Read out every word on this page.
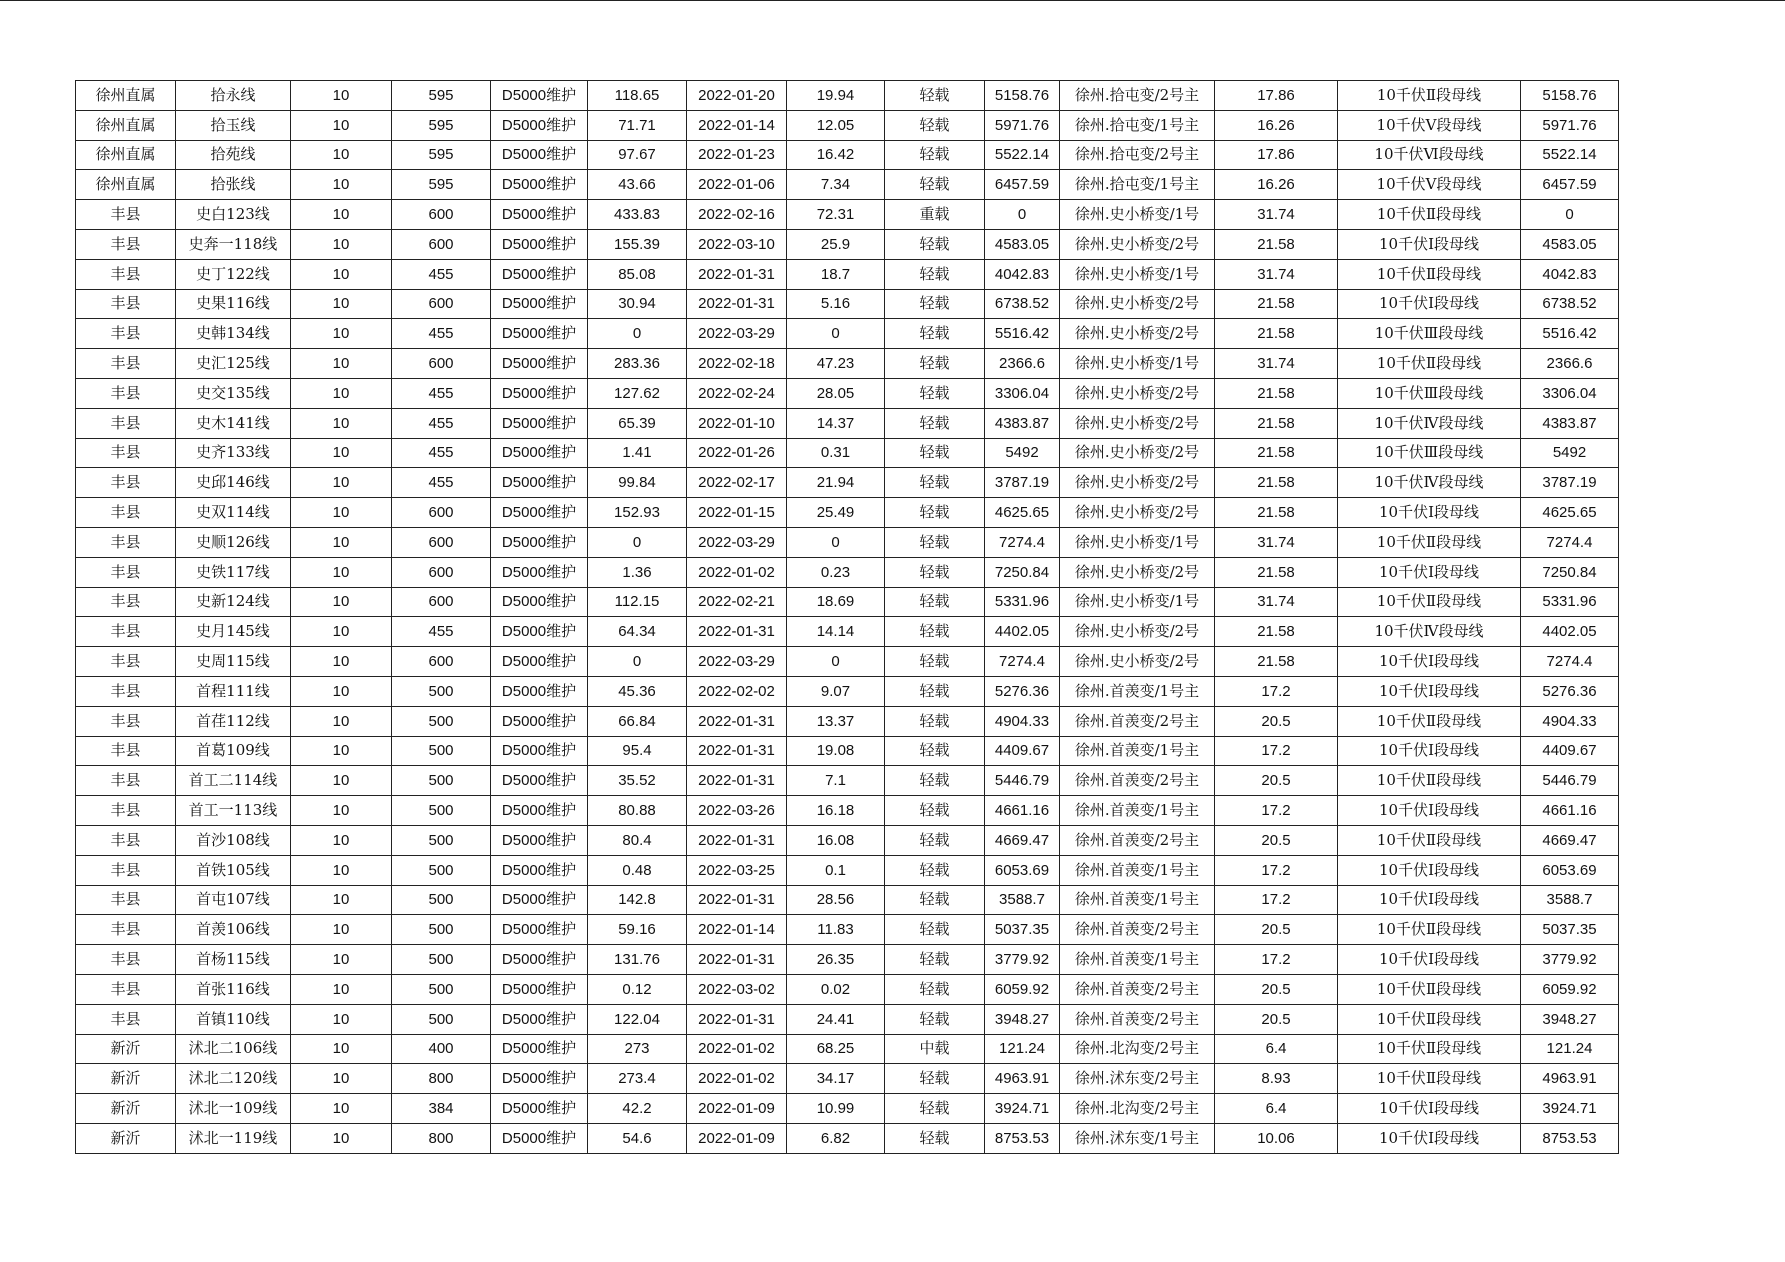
徐州直属	拾永线	10	595	D5000维护	118.65	2022-01-20	19.94	轻载	5158.76	徐州.拾屯变/2号主	17.86	10千伏Ⅱ段母线	5158.76
徐州直属	拾玉线	10	595	D5000维护	71.71	2022-01-14	12.05	轻载	5971.76	徐州.拾屯变/1号主	16.26	10千伏Ⅴ段母线	5971.76
徐州直属	拾苑线	10	595	D5000维护	97.67	2022-01-23	16.42	轻载	5522.14	徐州.拾屯变/2号主	17.86	10千伏Ⅵ段母线	5522.14
徐州直属	拾张线	10	595	D5000维护	43.66	2022-01-06	7.34	轻载	6457.59	徐州.拾屯变/1号主	16.26	10千伏Ⅴ段母线	6457.59
丰县	史白123线	10	600	D5000维护	433.83	2022-02-16	72.31	重载	0	徐州.史小桥变/1号	31.74	10千伏Ⅱ段母线	0
丰县	史奔一118线	10	600	D5000维护	155.39	2022-03-10	25.9	轻载	4583.05	徐州.史小桥变/2号	21.58	10千伏Ⅰ段母线	4583.05
丰县	史丁122线	10	455	D5000维护	85.08	2022-01-31	18.7	轻载	4042.83	徐州.史小桥变/1号	31.74	10千伏Ⅱ段母线	4042.83
丰县	史果116线	10	600	D5000维护	30.94	2022-01-31	5.16	轻载	6738.52	徐州.史小桥变/2号	21.58	10千伏Ⅰ段母线	6738.52
丰县	史韩134线	10	455	D5000维护	0	2022-03-29	0	轻载	5516.42	徐州.史小桥变/2号	21.58	10千伏Ⅲ段母线	5516.42
丰县	史汇125线	10	600	D5000维护	283.36	2022-02-18	47.23	轻载	2366.6	徐州.史小桥变/1号	31.74	10千伏Ⅱ段母线	2366.6
丰县	史交135线	10	455	D5000维护	127.62	2022-02-24	28.05	轻载	3306.04	徐州.史小桥变/2号	21.58	10千伏Ⅲ段母线	3306.04
丰县	史木141线	10	455	D5000维护	65.39	2022-01-10	14.37	轻载	4383.87	徐州.史小桥变/2号	21.58	10千伏Ⅳ段母线	4383.87
丰县	史齐133线	10	455	D5000维护	1.41	2022-01-26	0.31	轻载	5492	徐州.史小桥变/2号	21.58	10千伏Ⅲ段母线	5492
丰县	史邱146线	10	455	D5000维护	99.84	2022-02-17	21.94	轻载	3787.19	徐州.史小桥变/2号	21.58	10千伏Ⅳ段母线	3787.19
丰县	史双114线	10	600	D5000维护	152.93	2022-01-15	25.49	轻载	4625.65	徐州.史小桥变/2号	21.58	10千伏Ⅰ段母线	4625.65
丰县	史顺126线	10	600	D5000维护	0	2022-03-29	0	轻载	7274.4	徐州.史小桥变/1号	31.74	10千伏Ⅱ段母线	7274.4
丰县	史铁117线	10	600	D5000维护	1.36	2022-01-02	0.23	轻载	7250.84	徐州.史小桥变/2号	21.58	10千伏Ⅰ段母线	7250.84
丰县	史新124线	10	600	D5000维护	112.15	2022-02-21	18.69	轻载	5331.96	徐州.史小桥变/1号	31.74	10千伏Ⅱ段母线	5331.96
丰县	史月145线	10	455	D5000维护	64.34	2022-01-31	14.14	轻载	4402.05	徐州.史小桥变/2号	21.58	10千伏Ⅳ段母线	4402.05
丰县	史周115线	10	600	D5000维护	0	2022-03-29	0	轻载	7274.4	徐州.史小桥变/2号	21.58	10千伏Ⅰ段母线	7274.4
丰县	首程111线	10	500	D5000维护	45.36	2022-02-02	9.07	轻载	5276.36	徐州.首羡变/1号主	17.2	10千伏Ⅰ段母线	5276.36
丰县	首荏112线	10	500	D5000维护	66.84	2022-01-31	13.37	轻载	4904.33	徐州.首羡变/2号主	20.5	10千伏Ⅱ段母线	4904.33
丰县	首葛109线	10	500	D5000维护	95.4	2022-01-31	19.08	轻载	4409.67	徐州.首羡变/1号主	17.2	10千伏Ⅰ段母线	4409.67
丰县	首工二114线	10	500	D5000维护	35.52	2022-01-31	7.1	轻载	5446.79	徐州.首羡变/2号主	20.5	10千伏Ⅱ段母线	5446.79
丰县	首工一113线	10	500	D5000维护	80.88	2022-03-26	16.18	轻载	4661.16	徐州.首羡变/1号主	17.2	10千伏Ⅰ段母线	4661.16
丰县	首沙108线	10	500	D5000维护	80.4	2022-01-31	16.08	轻载	4669.47	徐州.首羡变/2号主	20.5	10千伏Ⅱ段母线	4669.47
丰县	首铁105线	10	500	D5000维护	0.48	2022-03-25	0.1	轻载	6053.69	徐州.首羡变/1号主	17.2	10千伏Ⅰ段母线	6053.69
丰县	首屯107线	10	500	D5000维护	142.8	2022-01-31	28.56	轻载	3588.7	徐州.首羡变/1号主	17.2	10千伏Ⅰ段母线	3588.7
丰县	首羡106线	10	500	D5000维护	59.16	2022-01-14	11.83	轻载	5037.35	徐州.首羡变/2号主	20.5	10千伏Ⅱ段母线	5037.35
丰县	首杨115线	10	500	D5000维护	131.76	2022-01-31	26.35	轻载	3779.92	徐州.首羡变/1号主	17.2	10千伏Ⅰ段母线	3779.92
丰县	首张116线	10	500	D5000维护	0.12	2022-03-02	0.02	轻载	6059.92	徐州.首羡变/2号主	20.5	10千伏Ⅱ段母线	6059.92
丰县	首镇110线	10	500	D5000维护	122.04	2022-01-31	24.41	轻载	3948.27	徐州.首羡变/2号主	20.5	10千伏Ⅱ段母线	3948.27
新沂	沭北二106线	10	400	D5000维护	273	2022-01-02	68.25	中载	121.24	徐州.北沟变/2号主	6.4	10千伏Ⅱ段母线	121.24
新沂	沭北二120线	10	800	D5000维护	273.4	2022-01-02	34.17	轻载	4963.91	徐州.沭东变/2号主	8.93	10千伏Ⅱ段母线	4963.91
新沂	沭北一109线	10	384	D5000维护	42.2	2022-01-09	10.99	轻载	3924.71	徐州.北沟变/2号主	6.4	10千伏Ⅰ段母线	3924.71
新沂	沭北一119线	10	800	D5000维护	54.6	2022-01-09	6.82	轻载	8753.53	徐州.沭东变/1号主	10.06	10千伏Ⅰ段母线	8753.53
